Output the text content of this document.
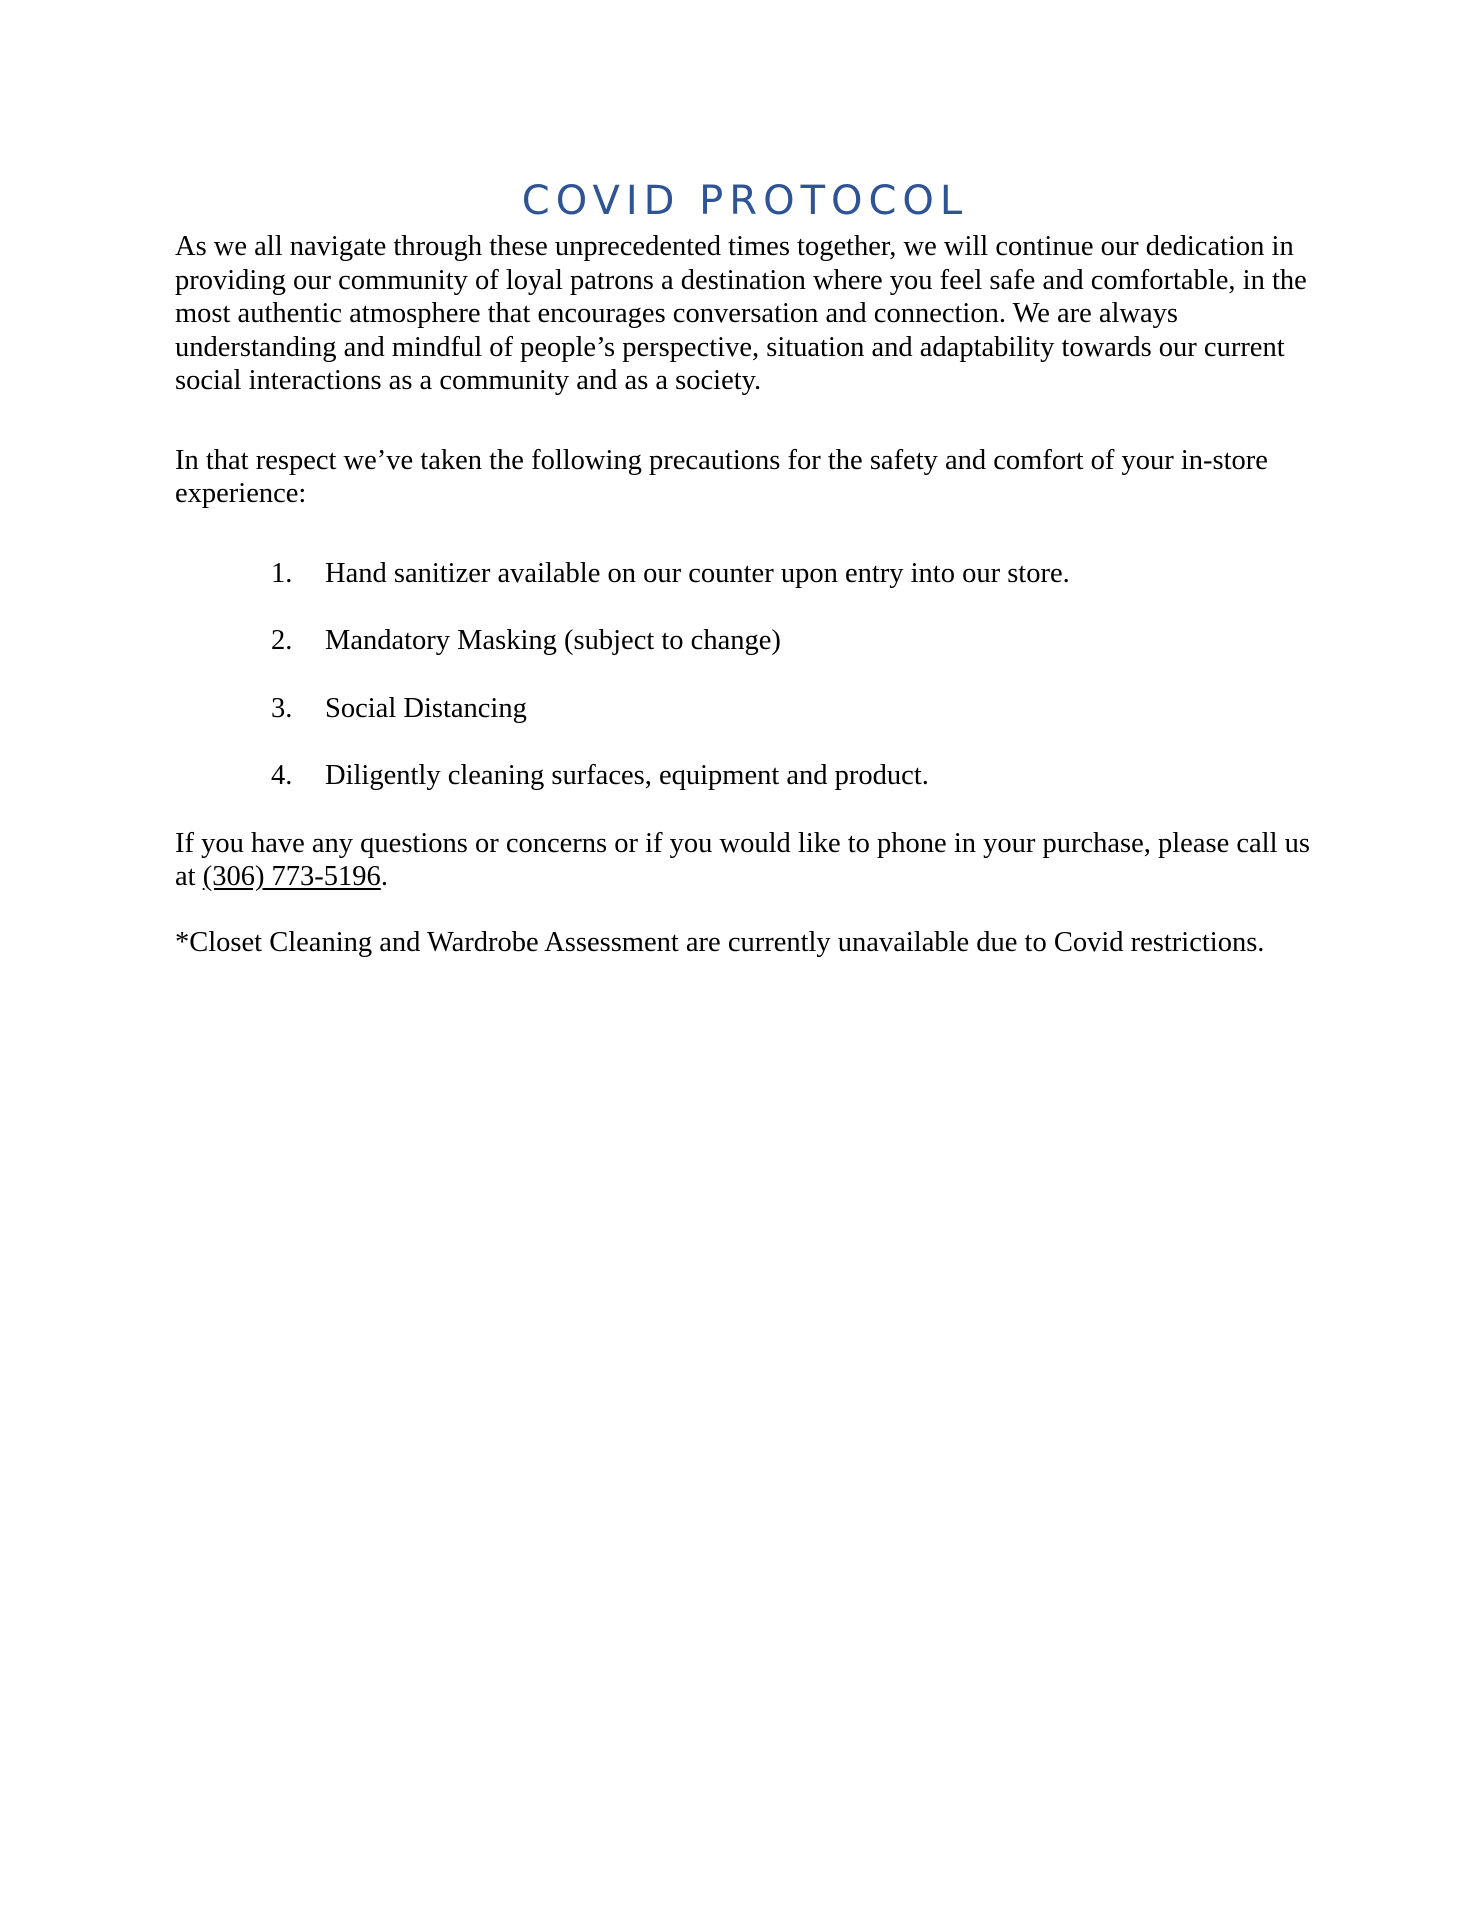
COVID PROTOCOL

As we all navigate through these unprecedented times together, we will continue our dedication in providing our community of loyal patrons a destination where you feel safe and comfortable, in the most authentic atmosphere that encourages conversation and connection. We are always understanding and mindful of people’s perspective, situation and adaptability towards our current social interactions as a community and as a society.

In that respect we’ve taken the following precautions for the safety and comfort of your in-store experience:

1. Hand sanitizer available on our counter upon entry into our store.
2. Mandatory Masking (subject to change)
3. Social Distancing
4. Diligently cleaning surfaces, equipment and product.

If you have any questions or concerns or if you would like to phone in your purchase, please call us at (306) 773-5196.

*Closet Cleaning and Wardrobe Assessment are currently unavailable due to Covid restrictions.
